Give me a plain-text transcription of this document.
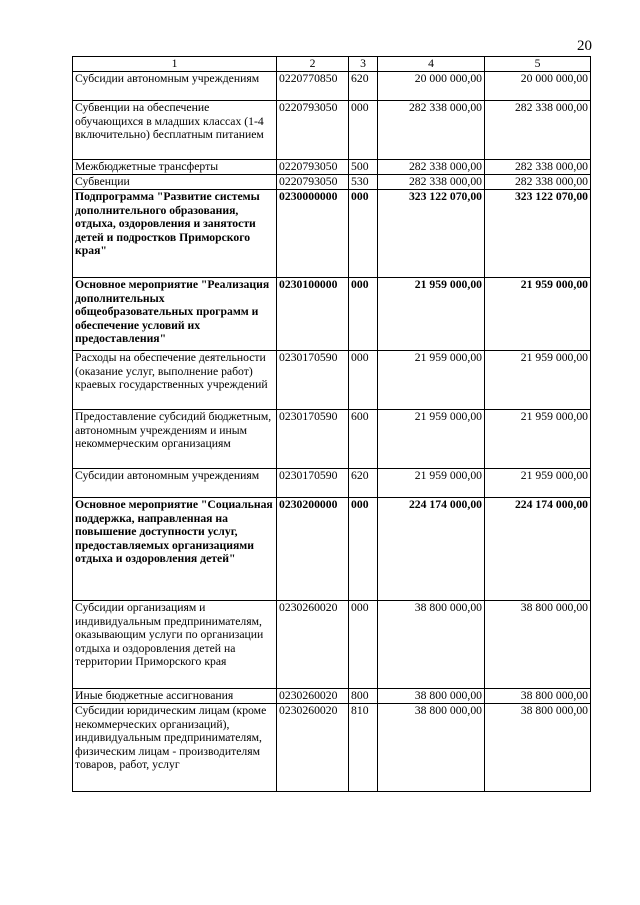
20
1	2	3	4	5
Субсидии автономным учреждениям	0220770850	620	20 000 000,00	20 000 000,00
Субвенции на обеспечение обучающихся в младших классах (1-4 включительно) бесплатным питанием	0220793050	000	282 338 000,00	282 338 000,00
Межбюджетные трансферты	0220793050	500	282 338 000,00	282 338 000,00
Субвенции	0220793050	530	282 338 000,00	282 338 000,00
Подпрограмма "Развитие системы дополнительного образования, отдыха, оздоровления и занятости детей и подростков Приморского края"	0230000000	000	323 122 070,00	323 122 070,00
Основное мероприятие "Реализация дополнительных общеобразовательных программ и обеспечение условий их предоставления"	0230100000	000	21 959 000,00	21 959 000,00
Расходы на обеспечение деятельности (оказание услуг, выполнение работ) краевых государственных учреждений	0230170590	000	21 959 000,00	21 959 000,00
Предоставление субсидий бюджетным, автономным учреждениям и иным некоммерческим организациям	0230170590	600	21 959 000,00	21 959 000,00
Субсидии автономным учреждениям	0230170590	620	21 959 000,00	21 959 000,00
Основное мероприятие "Социальная поддержка, направленная на повышение доступности услуг, предоставляемых организациями отдыха и оздоровления детей"	0230200000	000	224 174 000,00	224 174 000,00
Субсидии организациям и индивидуальным предпринимателям, оказывающим услуги по организации отдыха и оздоровления детей на территории Приморского края	0230260020	000	38 800 000,00	38 800 000,00
Иные бюджетные ассигнования	0230260020	800	38 800 000,00	38 800 000,00
Субсидии юридическим лицам (кроме некоммерческих организаций), индивидуальным предпринимателям, физическим лицам - производителям товаров, работ, услуг	0230260020	810	38 800 000,00	38 800 000,00
